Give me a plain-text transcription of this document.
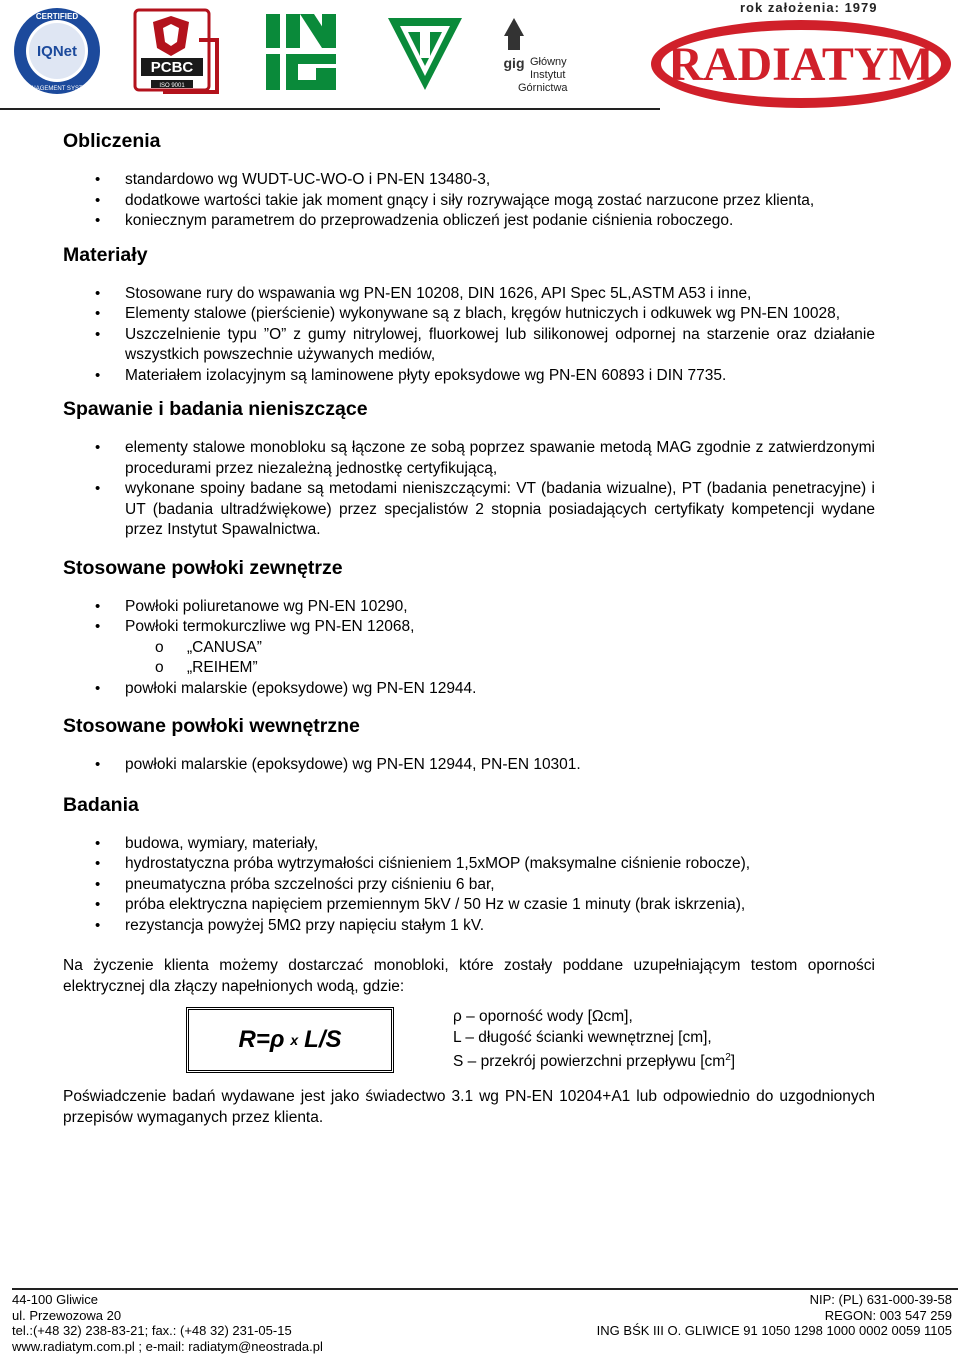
IQNet
CERTIFIED
MANAGEMENT SYSTEM
PCBC
ISO 9001
gig Główny
Instytut
Górnictwa
rok założenia: 1979
RADIATYM
Obliczenia
• standardowo wg WUDT-UC-WO-O i PN-EN 13480-3,
• dodatkowe wartości takie jak moment gnący i siły rozrywające mogą zostać narzucone przez klienta,
• koniecznym parametrem do przeprowadzenia obliczeń jest podanie ciśnienia roboczego.
Materiały
• Stosowane rury do wspawania wg PN-EN 10208, DIN 1626, API Spec 5L,ASTM A53 i inne,
• Elementy stalowe (pierścienie) wykonywane są z blach, kręgów hutniczych i odkuwek wg PN-EN 10028,
• Uszczelnienie typu ”O” z gumy nitrylowej, fluorkowej lub silikonowej odpornej na starzenie oraz działanie wszystkich powszechnie używanych mediów,
• Materiałem izolacyjnym są laminowene płyty epoksydowe wg PN-EN 60893 i DIN 7735.
Spawanie i badania nieniszczące
• elementy stalowe monobloku są łączone ze sobą poprzez spawanie metodą MAG zgodnie z zatwierdzonymi procedurami przez niezależną jednostkę certyfikującą,
• wykonane spoiny badane są metodami nieniszczącymi: VT (badania wizualne), PT (badania penetracyjne) i UT (badania ultradźwiękowe) przez specjalistów 2 stopnia posiadających certyfikaty kompetencji wydane przez Instytut Spawalnictwa.
Stosowane powłoki zewnętrze
• Powłoki poliuretanowe wg PN-EN 10290,
• Powłoki termokurczliwe wg PN-EN 12068,
o „CANUSA”
o „REIHEM”
• powłoki malarskie (epoksydowe) wg PN-EN 12944.
Stosowane powłoki wewnętrzne
• powłoki malarskie (epoksydowe) wg PN-EN 12944, PN-EN 10301.
Badania
• budowa, wymiary, materiały,
• hydrostatyczna próba wytrzymałości ciśnieniem 1,5xMOP (maksymalne ciśnienie robocze),
• pneumatyczna próba szczelności przy ciśnieniu 6 bar,
• próba elektryczna napięciem przemiennym 5kV / 50 Hz w czasie 1 minuty (brak iskrzenia),
• rezystancja powyżej 5MΩ przy napięciu stałym 1 kV.

Na życzenie klienta możemy dostarczać monobloki, które zostały poddane uzupełniającym testom oporności elektrycznej dla złączy napełnionych wodą, gdzie:

R=ρ x L/S
ρ – oporność wody [Ωcm],
L – długość ścianki wewnętrznej [cm],
S – przekrój powierzchni przepływu $[cm^2]$

Poświadczenie badań wydawane jest jako świadectwo 3.1 wg PN-EN 10204+A1 lub odpowiednio do uzgodnionych przepisów wymaganych przez klienta.

44-100 Gliwice
ul. Przewozowa 20
tel.:(+48 32) 238-83-21; fax.: (+48 32) 231-05-15
www.radiatym.com.pl ; e-mail: radiatym@neostrada.pl
NIP: (PL) 631-000-39-58
REGON: 003 547 259
ING BŚK III O. GLIWICE 91 1050 1298 1000 0002 0059 1105
